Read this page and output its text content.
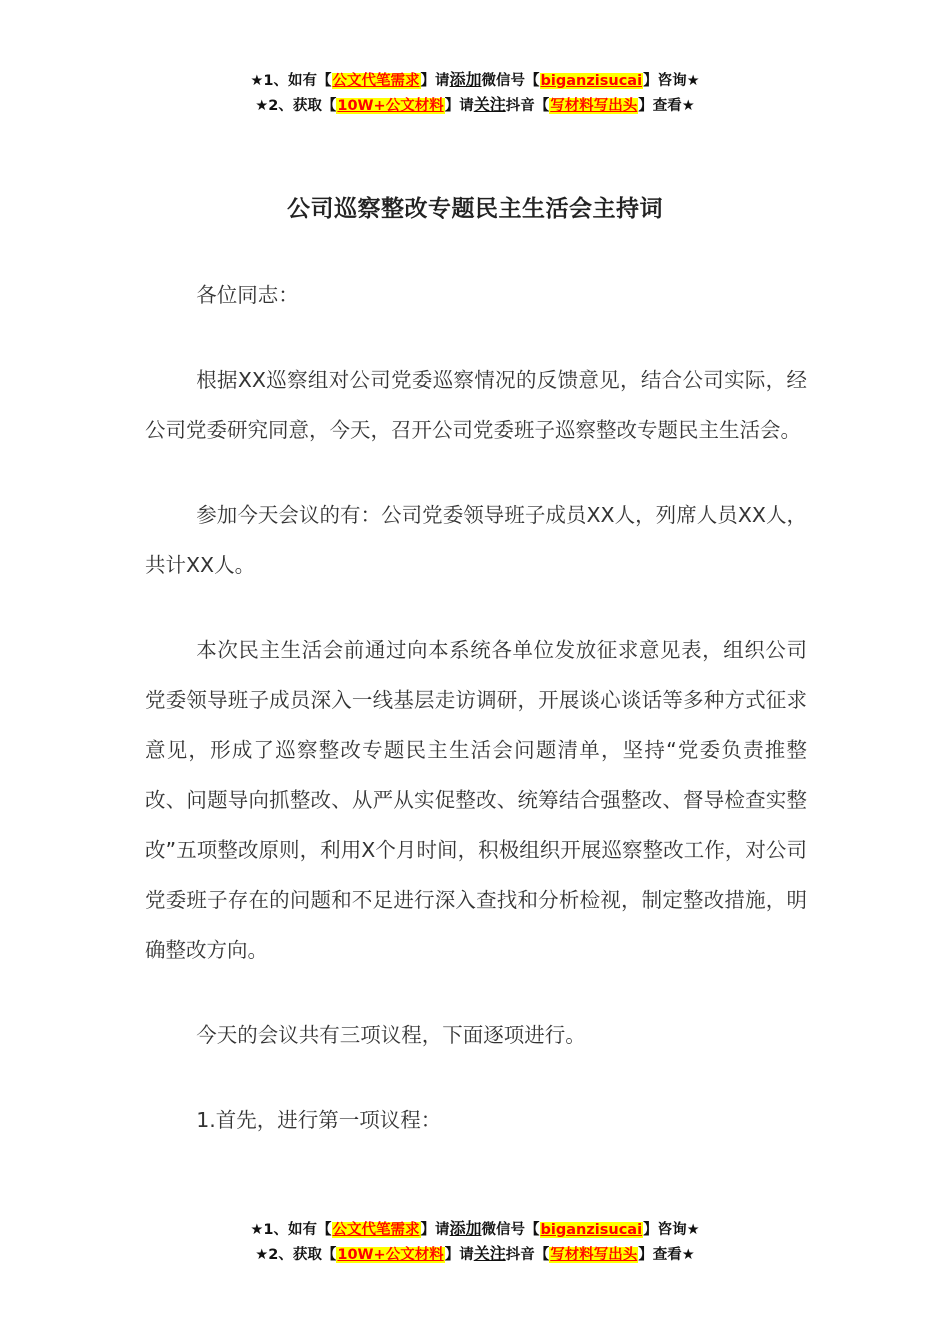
★1、如有【公文代笔需求】请添加微信号【biganzisucai】咨询★
★2、获取【10W+公文材料】请关注抖音【写材料写出头】查看★
公司巡察整改专题民主生活会主持词

各位同志：

根据XX巡察组对公司党委巡察情况的反馈意见，结合公司实际，经公司党委研究同意，今天，召开公司党委班子巡察整改专题民主生活会。

参加今天会议的有：公司党委领导班子成员XX人，列席人员XX人，共计XX人。

本次民主生活会前通过向本系统各单位发放征求意见表，组织公司党委领导班子成员深入一线基层走访调研，开展谈心谈话等多种方式征求意见，形成了巡察整改专题民主生活会问题清单，坚持“党委负责推整改、问题导向抓整改、从严从实促整改、统筹结合强整改、督导检查实整改”五项整改原则，利用X个月时间，积极组织开展巡察整改工作，对公司党委班子存在的问题和不足进行深入查找和分析检视，制定整改措施，明确整改方向。

今天的会议共有三项议程，下面逐项进行。

1.首先，进行第一项议程：

★1、如有【公文代笔需求】请添加微信号【biganzisucai】咨询★
★2、获取【10W+公文材料】请关注抖音【写材料写出头】查看★
